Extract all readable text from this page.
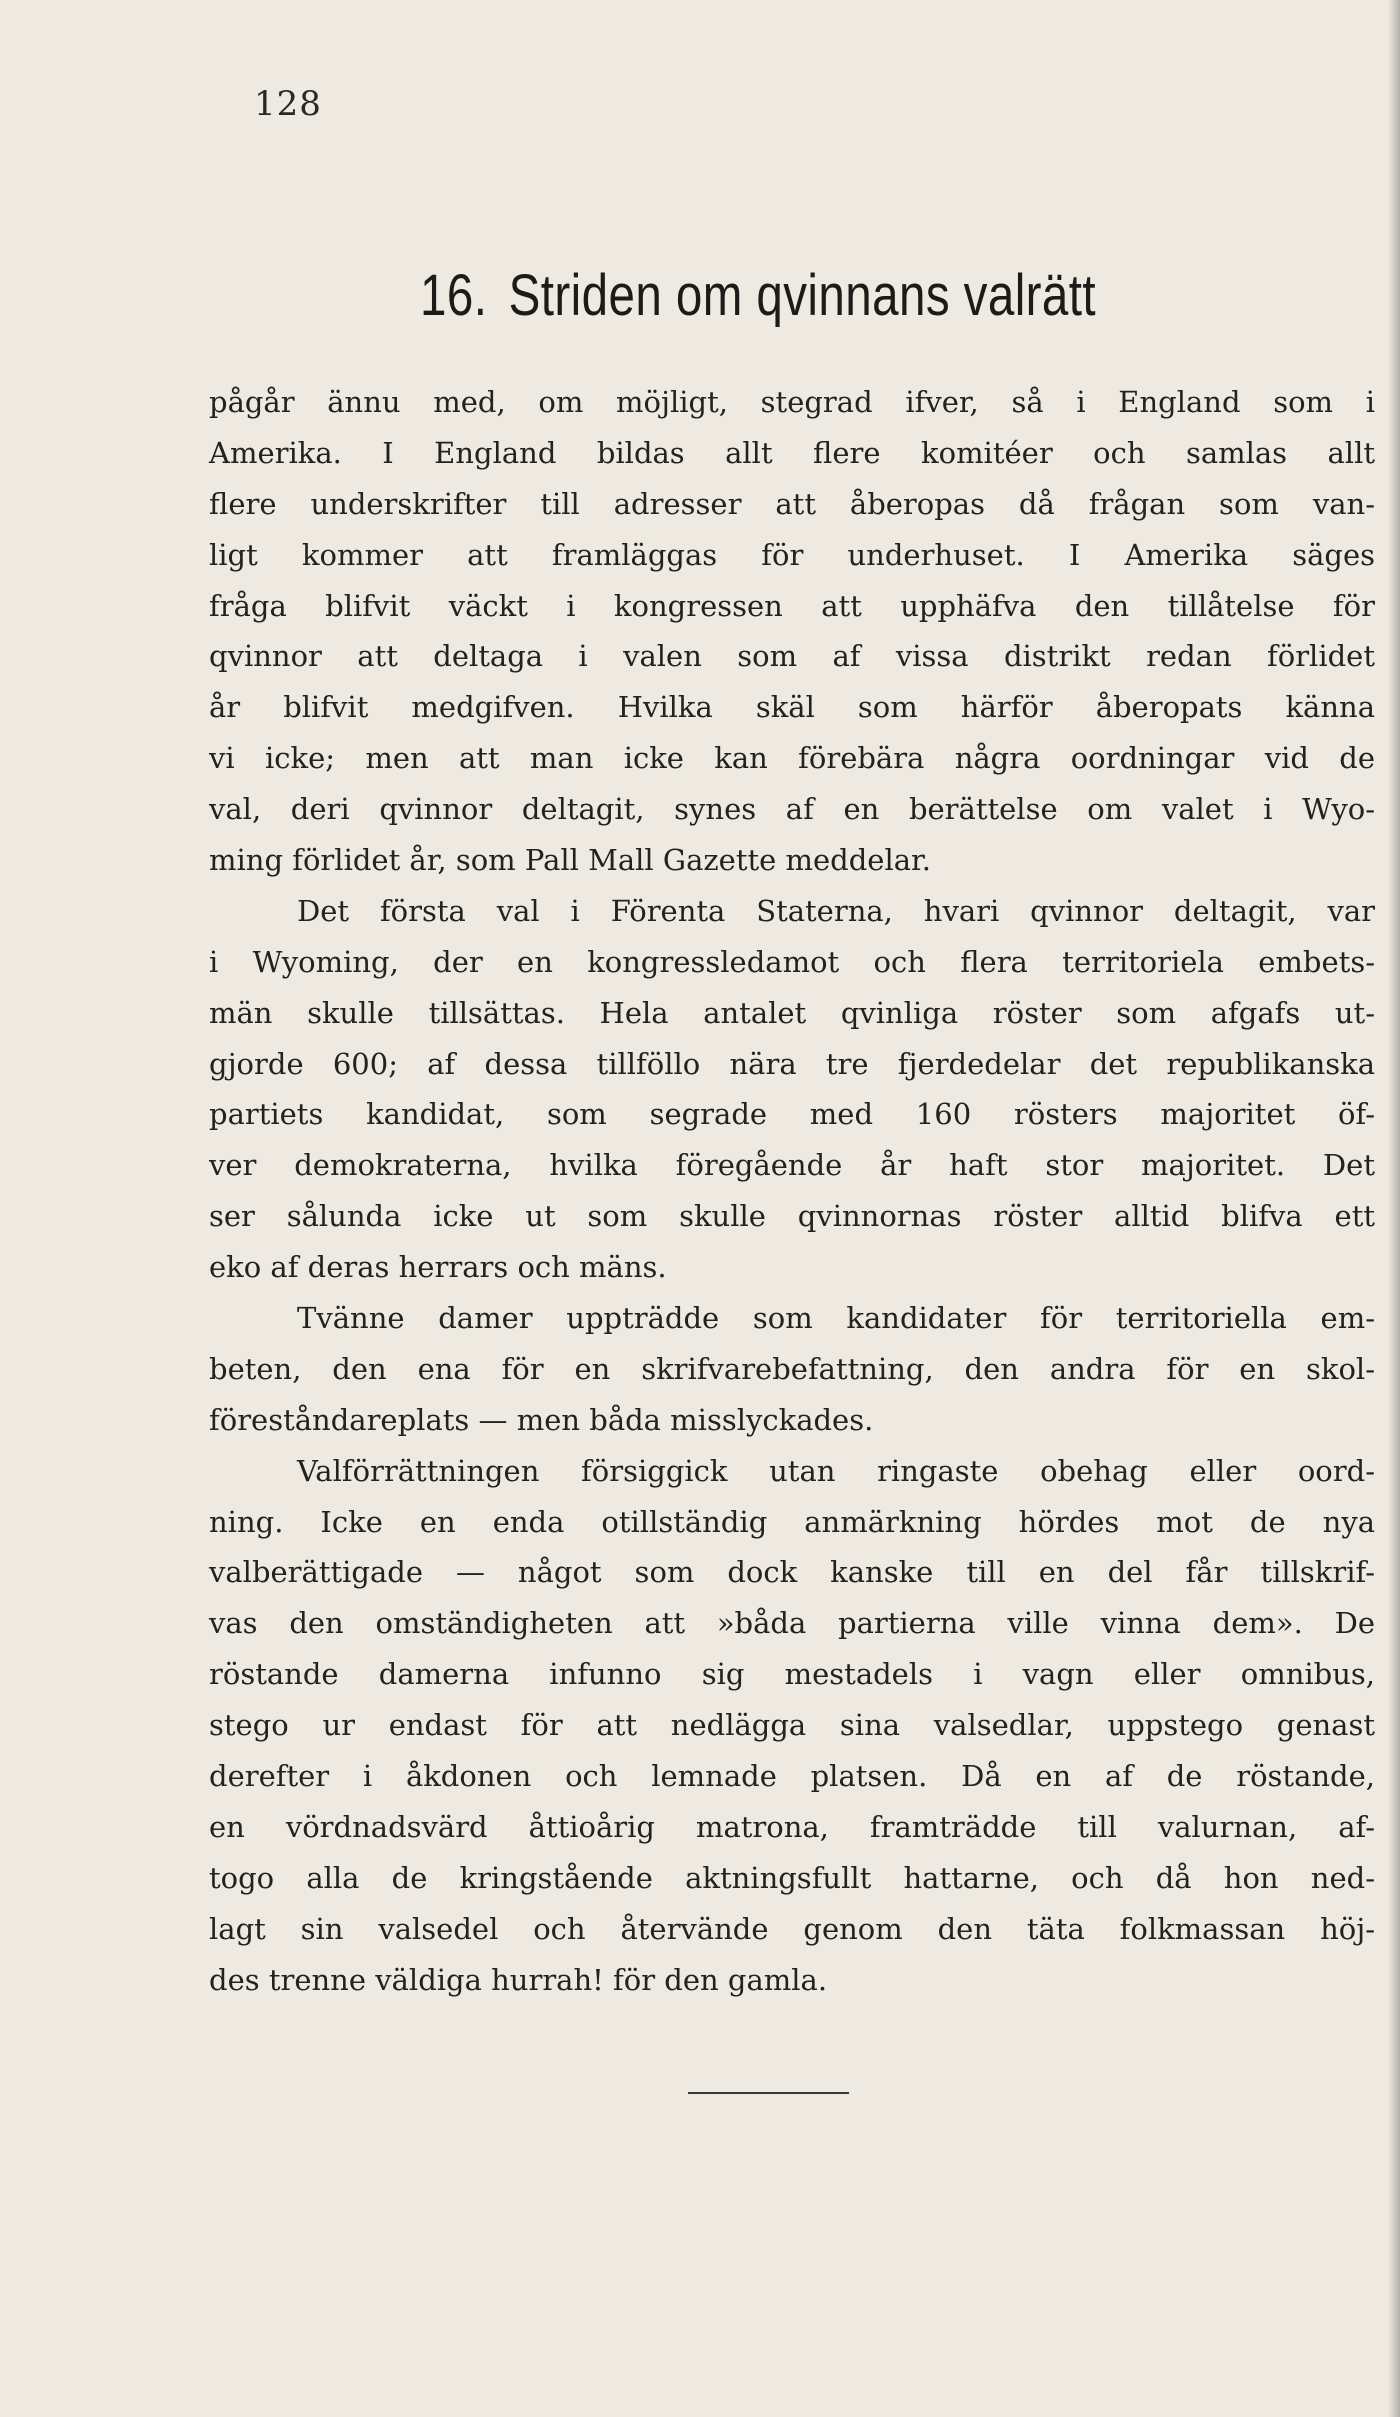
128
16. Striden om qvinnans valrätt
pågår ännu med, om möjligt, stegrad ifver, så i England som i
Amerika. I England bildas allt flere komitéer och samlas allt
flere underskrifter till adresser att åberopas då frågan som van-
ligt kommer att framläggas för underhuset. I Amerika säges
fråga blifvit väckt i kongressen att upphäfva den tillåtelse för
qvinnor att deltaga i valen som af vissa distrikt redan förlidet
år blifvit medgifven. Hvilka skäl som härför åberopats känna
vi icke; men att man icke kan förebära några oordningar vid de
val, deri qvinnor deltagit, synes af en berättelse om valet i Wyo-
ming förlidet år, som Pall Mall Gazette meddelar.
Det första val i Förenta Staterna, hvari qvinnor deltagit, var
i Wyoming, der en kongressledamot och flera territoriela embets-
män skulle tillsättas. Hela antalet qvinliga röster som afgafs ut-
gjorde 600; af dessa tillföllo nära tre fjerdedelar det republikanska
partiets kandidat, som segrade med 160 rösters majoritet öf-
ver demokraterna, hvilka föregående år haft stor majoritet. Det
ser sålunda icke ut som skulle qvinnornas röster alltid blifva ett
eko af deras herrars och mäns.
Tvänne damer uppträdde som kandidater för territoriella em-
beten, den ena för en skrifvarebefattning, den andra för en skol-
föreståndareplats — men båda misslyckades.
Valförrättningen försiggick utan ringaste obehag eller oord-
ning. Icke en enda otillständig anmärkning hördes mot de nya
valberättigade — något som dock kanske till en del får tillskrif-
vas den omständigheten att »båda partierna ville vinna dem». De
röstande damerna infunno sig mestadels i vagn eller omnibus,
stego ur endast för att nedlägga sina valsedlar, uppstego genast
derefter i åkdonen och lemnade platsen. Då en af de röstande,
en vördnadsvärd åttioårig matrona, framträdde till valurnan, af-
togo alla de kringstående aktningsfullt hattarne, och då hon ned-
lagt sin valsedel och återvände genom den täta folkmassan höj-
des trenne väldiga hurrah! för den gamla.
